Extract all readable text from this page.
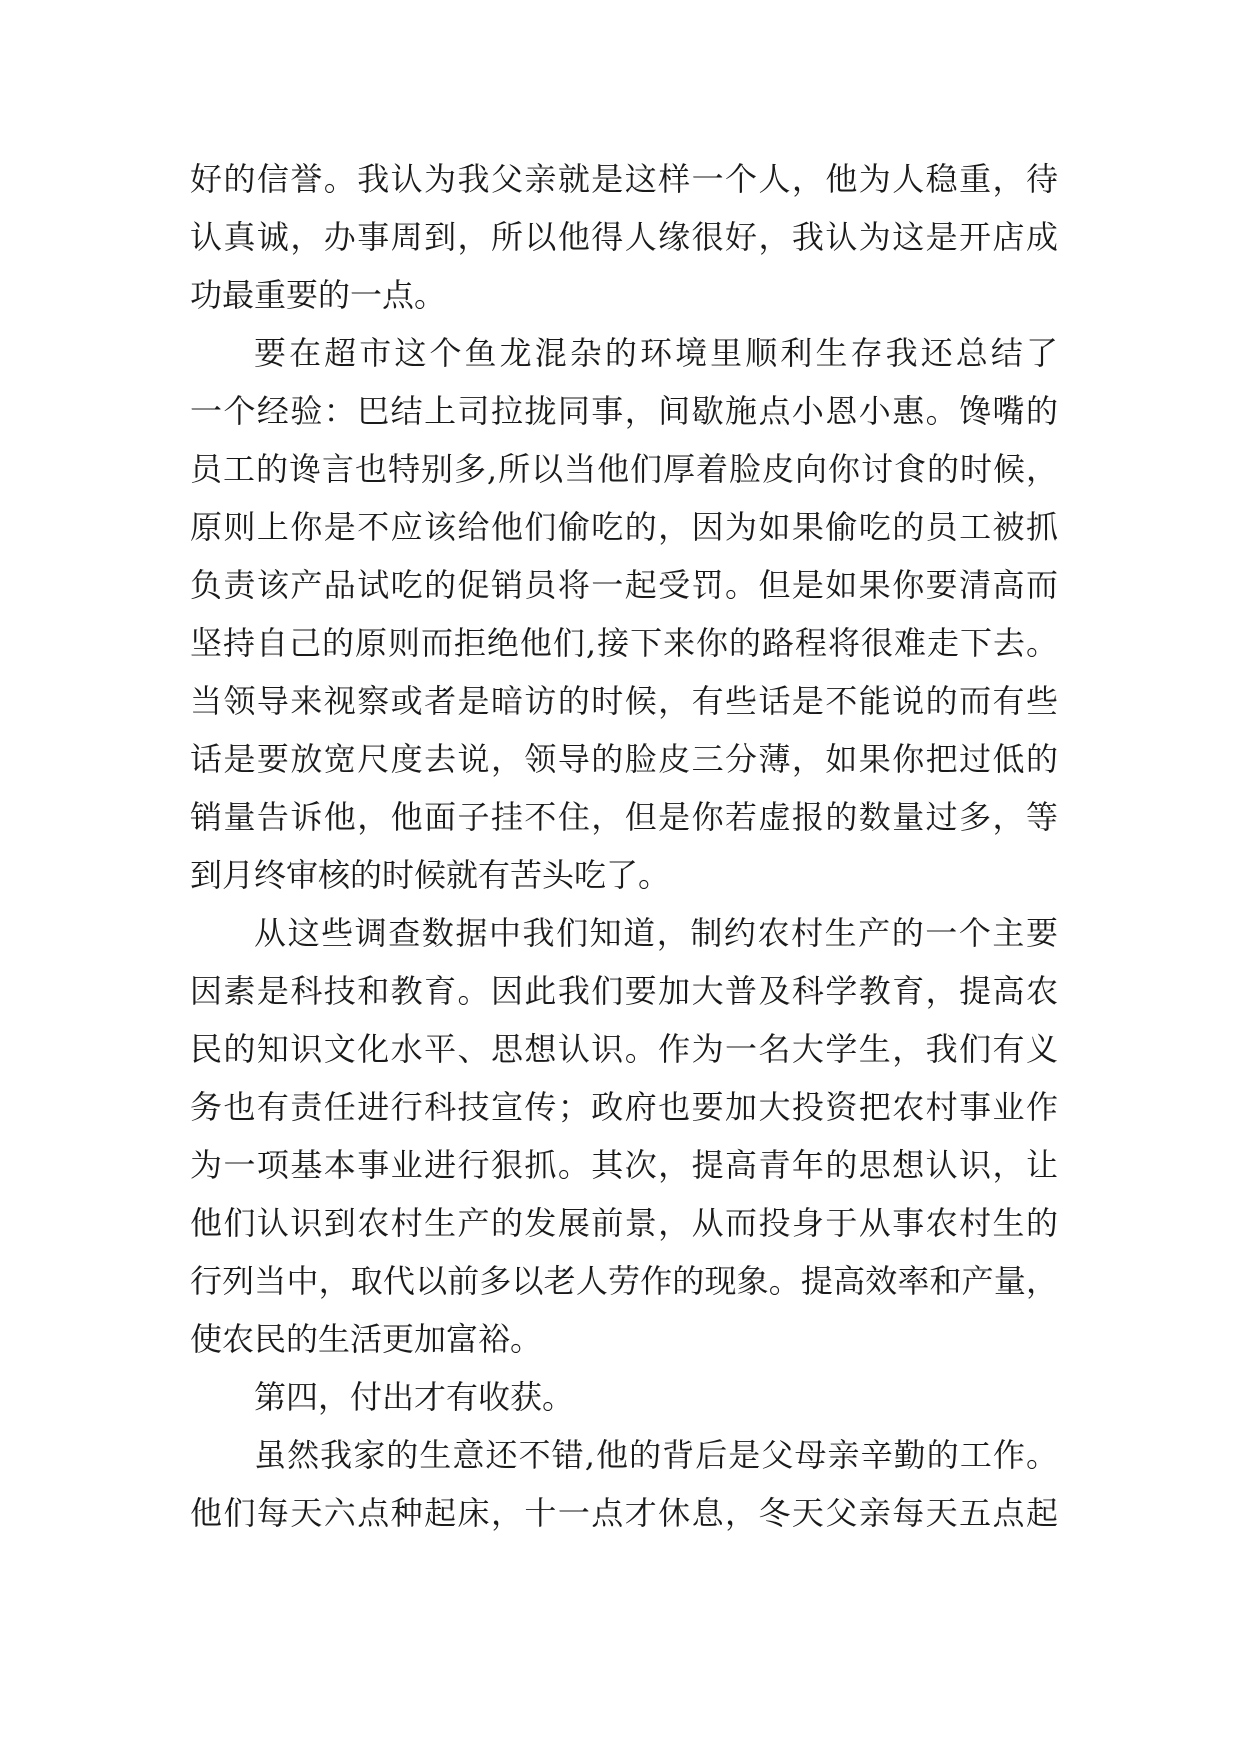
好的信誉。我认为我父亲就是这样一个人，他为人稳重，待
认真诚，办事周到，所以他得人缘很好，我认为这是开店成
功最重要的一点。
要在超市这个鱼龙混杂的环境里顺利生存我还总结了
一个经验：巴结上司拉拢同事，间歇施点小恩小惠。馋嘴的
员工的谗言也特别多,所以当他们厚着脸皮向你讨食的时候，
原则上你是不应该给他们偷吃的，因为如果偷吃的员工被抓
负责该产品试吃的促销员将一起受罚。但是如果你要清高而
坚持自己的原则而拒绝他们,接下来你的路程将很难走下去。
当领导来视察或者是暗访的时候，有些话是不能说的而有些
话是要放宽尺度去说，领导的脸皮三分薄，如果你把过低的
销量告诉他，他面子挂不住，但是你若虚报的数量过多，等
到月终审核的时候就有苦头吃了。
从这些调查数据中我们知道，制约农村生产的一个主要
因素是科技和教育。因此我们要加大普及科学教育，提高农
民的知识文化水平、思想认识。作为一名大学生，我们有义
务也有责任进行科技宣传；政府也要加大投资把农村事业作
为一项基本事业进行狠抓。其次，提高青年的思想认识，让
他们认识到农村生产的发展前景，从而投身于从事农村生的
行列当中，取代以前多以老人劳作的现象。提高效率和产量，
使农民的生活更加富裕。
第四，付出才有收获。
虽然我家的生意还不错,他的背后是父母亲辛勤的工作。
他们每天六点种起床，十一点才休息，冬天父亲每天五点起
